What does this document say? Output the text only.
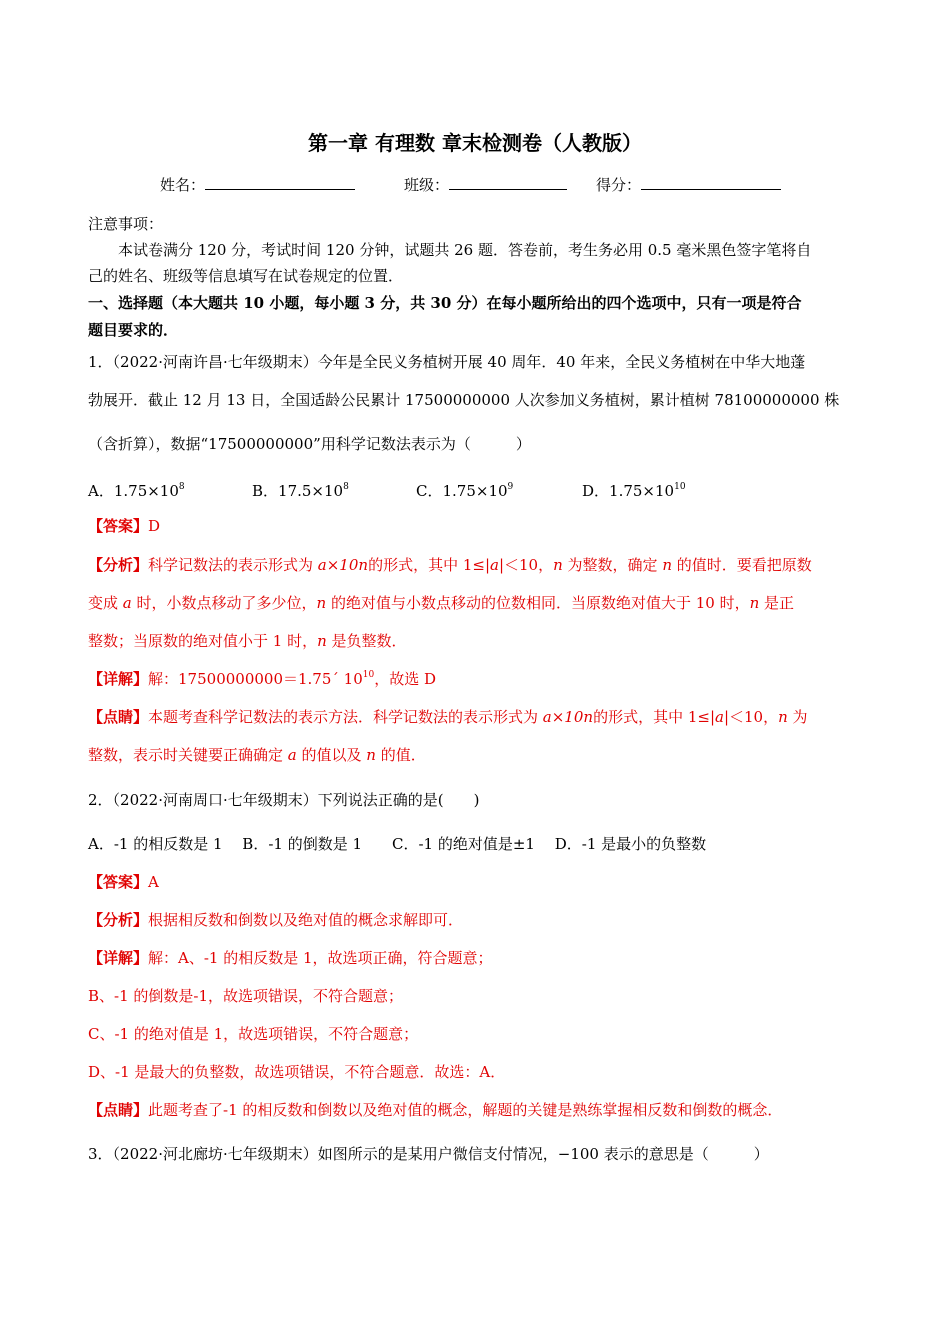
第一章 有理数 章末检测卷（人教版）
姓名：	班级：	得分：
注意事项：
本试卷满分 120 分，考试时间 120 分钟，试题共 26 题．答卷前，考生务必用 0.5 毫米黑色签字笔将自
己的姓名、班级等信息填写在试卷规定的位置．
一、选择题（本大题共 10 小题，每小题 3 分，共 30 分）在每小题所给出的四个选项中，只有一项是符合
题目要求的．
1．（2022·河南许昌·七年级期末）今年是全民义务植树开展 40 周年．40 年来，全民义务植树在中华大地蓬
勃展开．截止 12 月 13 日，全国适龄公民累计 17500000000 人次参加义务植树，累计植树 78100000000 株
（含折算），数据“17500000000”用科学记数法表示为（　　　）
A．$1.75\times 10^8$	B．$17.5\times 10^8$	C．$1.75\times 10^9$	D．$1.75\times 10^{10}$
【答案】D
【分析】科学记数法的表示形式为 a×10n的形式，其中 1≤|a|＜10，n 为整数，确定 n 的值时．要看把原数
变成 a 时，小数点移动了多少位，n 的绝对值与小数点移动的位数相同．当原数绝对值大于 10 时，n 是正
整数；当原数的绝对值小于 1 时，n 是负整数．
【详解】解：17500000000＝1.75´ $10^{10}$，故选 D
【点睛】本题考查科学记数法的表示方法．科学记数法的表示形式为 a×10n的形式，其中 1≤|a|＜10，n 为
整数，表示时关键要正确确定 a 的值以及 n 的值．
2．（2022·河南周口·七年级期末）下列说法正确的是(　　)
A．-1 的相反数是 1　 B．-1 的倒数是 1　　C．-1 的绝对值是±1　 D．-1 是最小的负整数
【答案】A
【分析】根据相反数和倒数以及绝对值的概念求解即可．
【详解】解：A、-1 的相反数是 1，故选项正确，符合题意；
B、-1 的倒数是-1，故选项错误，不符合题意；
C、-1 的绝对值是 1，故选项错误，不符合题意；
D、-1 是最大的负整数，故选项错误，不符合题意．故选：A．
【点睛】此题考查了-1 的相反数和倒数以及绝对值的概念，解题的关键是熟练掌握相反数和倒数的概念．
3．（2022·河北廊坊·七年级期末）如图所示的是某用户微信支付情况，−100 表示的意思是（　　　）
